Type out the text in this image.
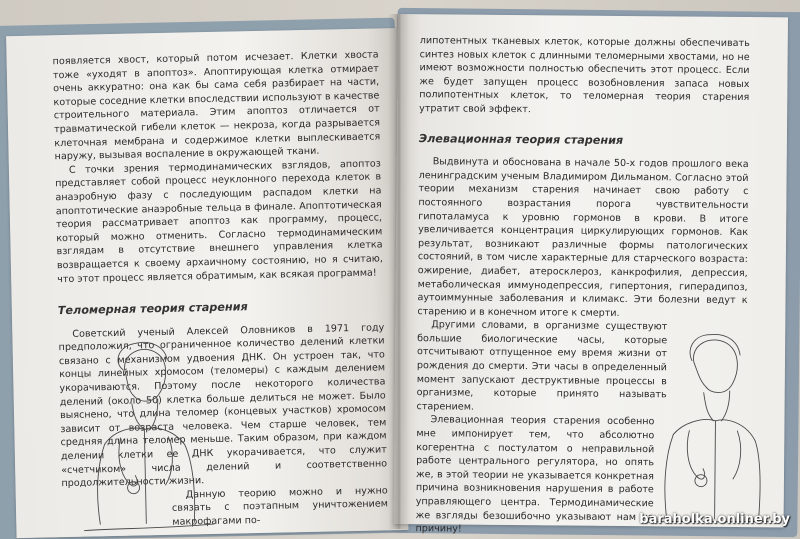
появляется хвост, который потом исчезает. Клетки хвоста тоже «уходят в апоптоз». Апоптирующая клетка отмирает очень аккуратно: она как бы сама себя разбирает на части, которые соседние клетки впоследствии используют в качестве строительного материала. Этим апоптоз отличается от травматической гибели клеток — некроза, когда разрывается клеточная мембрана и содержимое клетки выплескивается наружу, вызывая воспаление в окружающей ткани.

С точки зрения термодинамических взглядов, апоптоз представляет собой процесс неуклонного перехода клеток в анаэробную фазу с последующим распадом клетки на апоптотические анаэробные тельца в финале. Апоптотическая теория рассматривает апоптоз как программу, процесс, который можно отменить. Согласно термодинамическим взглядам в отсутствие внешнего управления клетка возвращается к своему архаичному состоянию, но я считаю, что этот процесс является обратимым, как всякая программа!

Теломерная теория старения

Советский ученый Алексей Оловников в 1971 году предположил, что ограниченное количество делений клетки связано с механизмом удвоения ДНК. Он устроен так, что концы линейных хромосом (теломеры) с каждым делением укорачиваются. Поэтому после некоторого количества делений (около 50) клетка больше делиться не может. Было выяснено, что длина теломер (концевых участков) хромосом зависит от возраста человека. Чем старше человек, тем средняя длина теломер меньше. Таким образом, при каждом делении клетки ее ДНК укорачивается, что служит «счетчиком» числа делений и соответственно продолжительности жизни.

Данную теорию можно и нужно связать с поэтапным уничтожением макрофагами по-

липотентных тканевых клеток, которые должны обеспечивать синтез новых клеток с длинными теломерными хвостами, но не имеют возможности полностью обеспечить этот процесс. Если же будет запущен процесс возобновления запаса новых полипотентных клеток, то теломерная теория старения утратит свой эффект.

Элевационная теория старения

Выдвинута и обоснована в начале 50-х годов прошлого века ленинградским ученым Владимиром Дильманом. Согласно этой теории механизм старения начинает свою работу с постоянного возрастания порога чувствительности гипоталамуса к уровню гормонов в крови. В итоге увеличивается концентрация циркулирующих гормонов. Как результат, возникают различные формы патологических состояний, в том числе характерные для старческого возраста: ожирение, диабет, атеросклероз, канкрофилия, депрессия, метаболическая иммунодепрессия, гипертония, гиперадипоз, аутоиммунные заболевания и климакс. Эти болезни ведут к старению и в конечном итоге к смерти.

Другими словами, в организме существуют большие биологические часы, которые отсчитывают отпущенное ему время жизни от рождения до смерти. Эти часы в определенный момент запускают деструктивные процессы в организме, которые принято называть старением.

Элевационная теория старения особенно мне импонирует тем, что абсолютно когерентна с постулатом о неправильной работе центрального регулятора, но опять же, в этой теории не указывается конкретная причина возникновения нарушения в работе управляющего центра. Термодинамические же взгляды безошибочно указывают нам на причину!

baraholka.onliner.by
